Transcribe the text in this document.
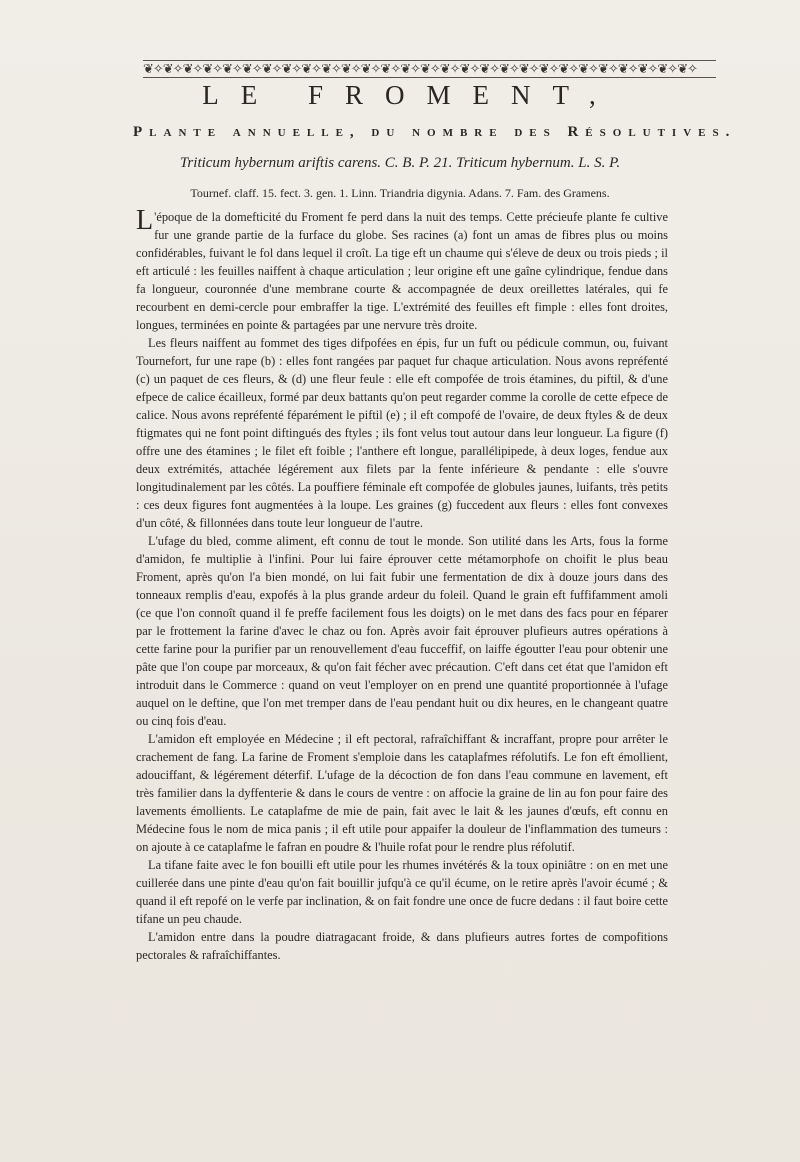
❦✧❦✧❦✧❦✧❦✧❦✧❦✧❦✧❦✧❦✧❦✧❦✧❦✧❦✧❦✧❦✧❦✧❦✧❦✧❦✧❦✧❦✧❦✧❦✧❦✧❦✧❦✧❦✧
LE FROMENT,
Plante annuelle, du nombre des Résolutives.
Triticum hybernum ariftis carens. C. B. P. 21. Triticum hybernum. L. S. P.
Tournef. claff. 15. fect. 3. gen. 1. Linn. Triandria digynia. Adans. 7. Fam. des Gramens.

L 'époque de la domefticité du Froment fe perd dans la nuit des temps. Cette précieufe plante fe cultive fur une grande partie de la furface du globe. Ses racines (a) font un amas de fibres plus ou moins confidérables, fuivant le fol dans lequel il croît. La tige eft un chaume qui s'éleve de deux ou trois pieds ; il eft articulé : les feuilles naiffent à chaque articulation ; leur origine eft une gaîne cylindrique, fendue dans fa longueur, couronnée d'une membrane courte & accompagnée de deux oreillettes latérales, qui fe recourbent en demi-cercle pour embraffer la tige. L'extrémité des feuilles eft fimple : elles font droites, longues, terminées en pointe & partagées par une nervure très droite.

Les fleurs naiffent au fommet des tiges difpofées en épis, fur un fuft ou pédicule commun, ou, fuivant Tournefort, fur une rape (b) : elles font rangées par paquet fur chaque articulation. Nous avons repréfenté (c) un paquet de ces fleurs, & (d) une fleur feule : elle eft compofée de trois étamines, du piftil, & d'une efpece de calice écailleux, formé par deux battants qu'on peut regarder comme la corolle de cette efpece de calice. Nous avons repréfenté féparément le piftil (e) ; il eft compofé de l'ovaire, de deux ftyles & de deux ftigmates qui ne font point diftingués des ftyles ; ils font velus tout autour dans leur longueur. La figure (f) offre une des étamines ; le filet eft foible ; l'anthere eft longue, parallélipipede, à deux loges, fendue aux deux extrémités, attachée légérement aux filets par la fente inférieure & pendante : elle s'ouvre longitudinalement par les côtés. La pouffiere féminale eft compofée de globules jaunes, luifants, très petits : ces deux figures font augmentées à la loupe. Les graines (g) fuccedent aux fleurs : elles font convexes d'un côté, & fillonnées dans toute leur longueur de l'autre.

L'ufage du bled, comme aliment, eft connu de tout le monde. Son utilité dans les Arts, fous la forme d'amidon, fe multiplie à l'infini. Pour lui faire éprouver cette métamorphofe on choifit le plus beau Froment, après qu'on l'a bien mondé, on lui fait fubir une fermentation de dix à douze jours dans des tonneaux remplis d'eau, expofés à la plus grande ardeur du foleil. Quand le grain eft fuffifamment amoli (ce que l'on connoît quand il fe preffe facilement fous les doigts) on le met dans des facs pour en féparer par le frottement la farine d'avec le chaz ou fon. Après avoir fait éprouver plufieurs autres opérations à cette farine pour la purifier par un renouvellement d'eau fucceffif, on laiffe égoutter l'eau pour obtenir une pâte que l'on coupe par morceaux, & qu'on fait fécher avec précaution. C'eft dans cet état que l'amidon eft introduit dans le Commerce : quand on veut l'employer on en prend une quantité proportionnée à l'ufage auquel on le deftine, que l'on met tremper dans de l'eau pendant huit ou dix heures, en le changeant quatre ou cinq fois d'eau.

L'amidon eft employée en Médecine ; il eft pectoral, rafraîchiffant & incraffant, propre pour arrêter le crachement de fang. La farine de Froment s'emploie dans les cataplafmes réfolutifs. Le fon eft émollient, adouciffant, & légérement déterfif. L'ufage de la décoction de fon dans l'eau commune en lavement, eft très familier dans la dyffenterie & dans le cours de ventre : on affocie la graine de lin au fon pour faire des lavements émollients. Le cataplafme de mie de pain, fait avec le lait & les jaunes d'œufs, eft connu en Médecine fous le nom de mica panis ; il eft utile pour appaifer la douleur de l'inflammation des tumeurs : on ajoute à ce cataplafme le fafran en poudre & l'huile rofat pour le rendre plus réfolutif.

La tifane faite avec le fon bouilli eft utile pour les rhumes invétérés & la toux opiniâtre : on en met une cuillerée dans une pinte d'eau qu'on fait bouillir jufqu'à ce qu'il écume, on le retire après l'avoir écumé ; & quand il eft repofé on le verfe par inclination, & on fait fondre une once de fucre dedans : il faut boire cette tifane un peu chaude.

L'amidon entre dans la poudre diatragacant froide, & dans plufieurs autres fortes de compofitions pectorales & rafraîchiffantes.
